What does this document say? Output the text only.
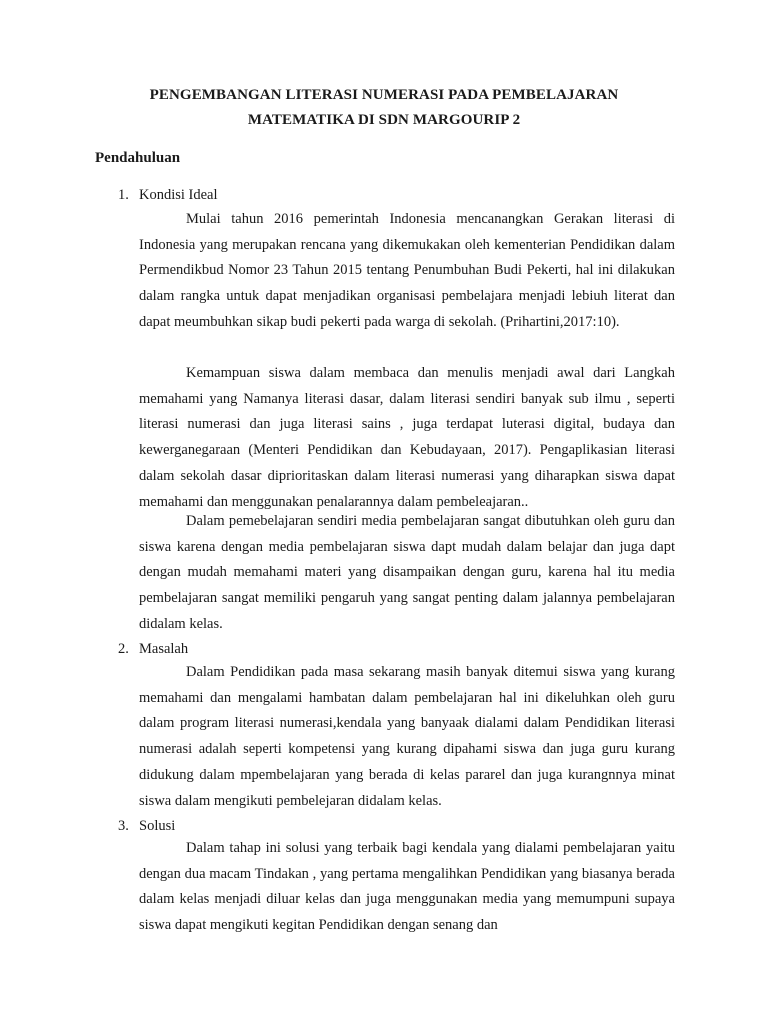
PENGEMBANGAN LITERASI NUMERASI PADA PEMBELAJARAN
MATEMATIKA DI SDN MARGOURIP 2
Pendahuluan
1. Kondisi Ideal

Mulai tahun 2016 pemerintah Indonesia mencanangkan Gerakan literasi di Indonesia yang merupakan rencana yang dikemukakan oleh kementerian Pendidikan dalam Permendikbud Nomor 23 Tahun 2015 tentang Penumbuhan Budi Pekerti, hal ini dilakukan dalam rangka untuk dapat menjadikan organisasi pembelajara menjadi lebiuh literat dan dapat meumbuhkan sikap budi pekerti pada warga di sekolah. (Prihartini,2017:10).

Kemampuan siswa dalam membaca dan menulis menjadi awal dari Langkah memahami yang Namanya literasi dasar, dalam literasi sendiri banyak sub ilmu , seperti literasi numerasi dan juga literasi sains , juga terdapat luterasi digital, budaya dan kewerganegaraan (Menteri Pendidikan dan Kebudayaan, 2017). Pengaplikasian literasi dalam sekolah dasar diprioritaskan dalam literasi numerasi yang diharapkan siswa dapat memahami dan menggunakan penalarannya dalam pembeleajaran..

Dalam pemebelajaran sendiri media pembelajaran sangat dibutuhkan oleh guru dan siswa karena dengan media pembelajaran siswa dapt mudah dalam belajar dan juga dapt dengan mudah memahami materi yang disampaikan dengan guru, karena hal itu media pembelajaran sangat memiliki pengaruh yang sangat penting dalam jalannya pembelajaran didalam kelas.

2. Masalah

Dalam Pendidikan pada masa sekarang masih banyak ditemui siswa yang kurang memahami dan mengalami hambatan dalam pembelajaran hal ini dikeluhkan oleh guru dalam program literasi numerasi,kendala yang banyaak dialami dalam Pendidikan literasi numerasi adalah seperti kompetensi yang kurang dipahami siswa dan juga guru kurang didukung dalam mpembelajaran yang berada di kelas pararel dan juga kurangnnya minat siswa dalam mengikuti pembelejaran didalam kelas.

3. Solusi

Dalam tahap ini solusi yang terbaik bagi kendala yang dialami pembelajaran yaitu dengan dua macam Tindakan , yang pertama mengalihkan Pendidikan yang biasanya berada dalam kelas menjadi diluar kelas dan juga menggunakan media yang memumpuni supaya siswa dapat mengikuti kegitan Pendidikan dengan senang dan
